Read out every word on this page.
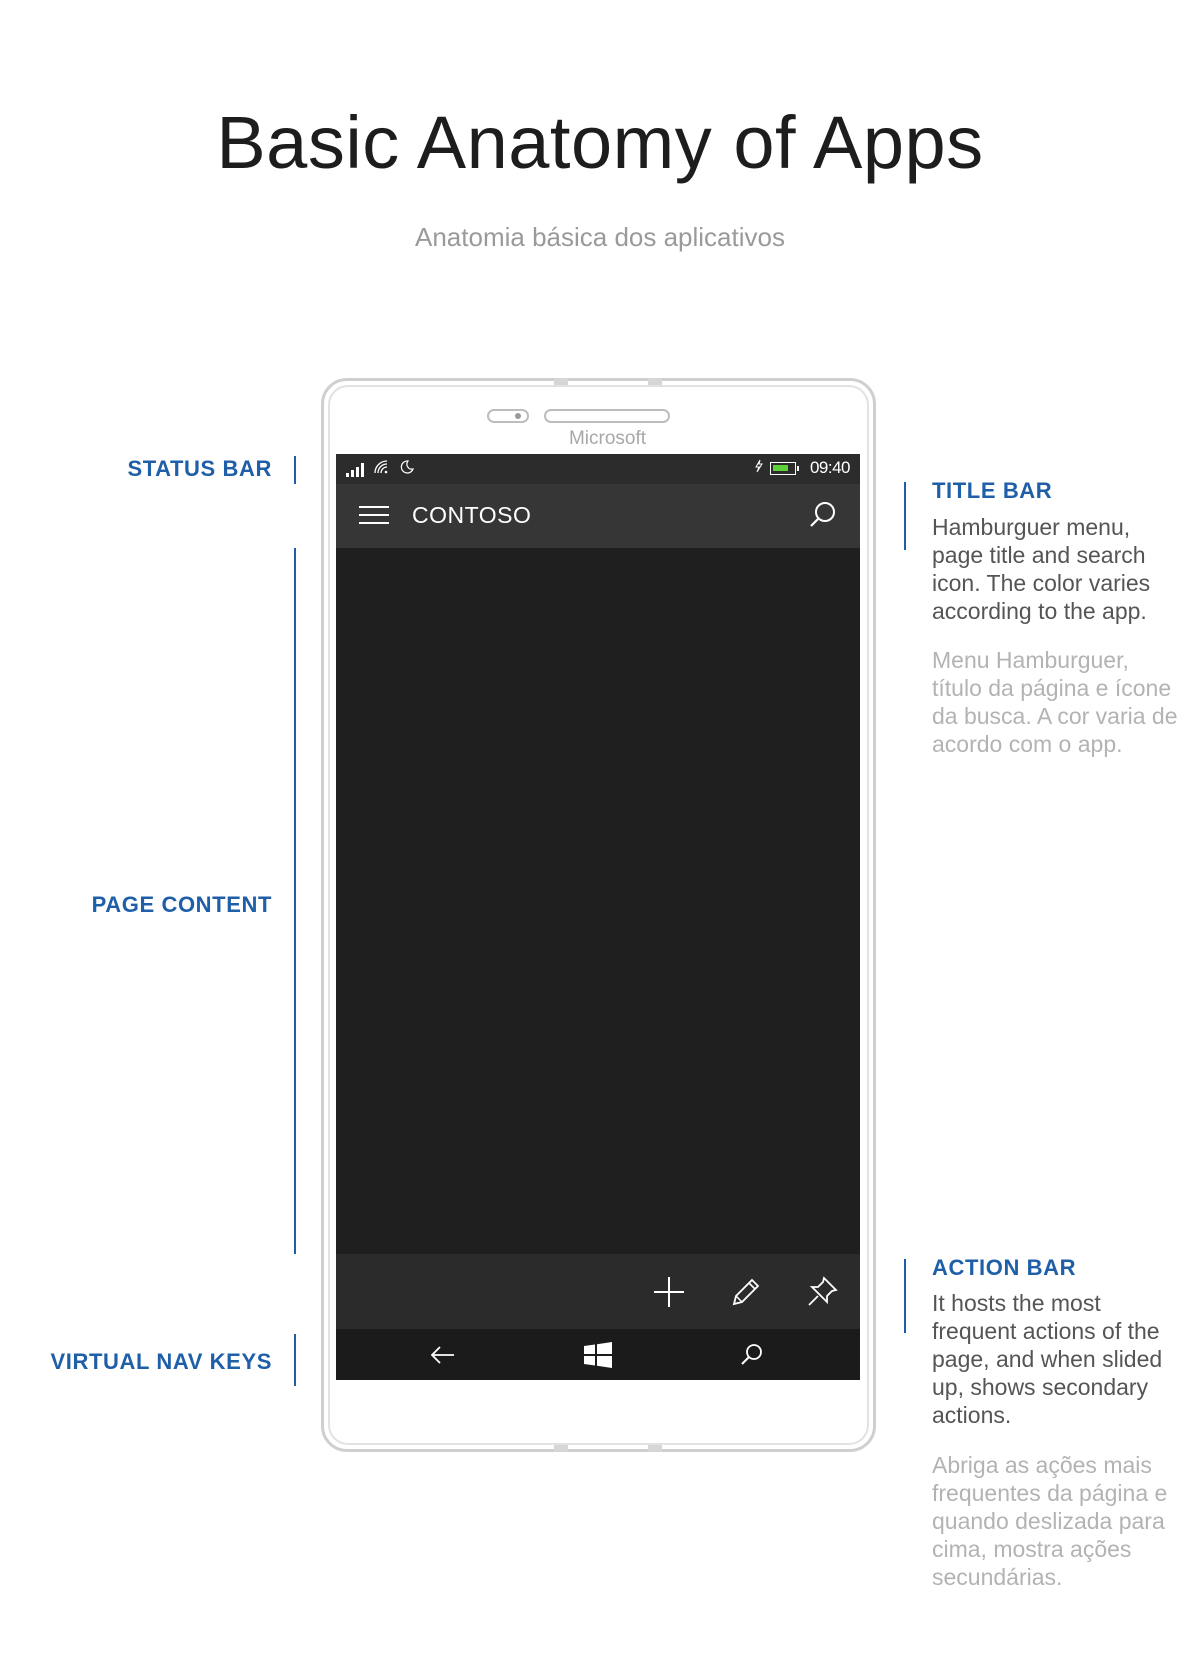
Basic Anatomy of Apps
Anatomia básica dos aplicativos
STATUS BAR
PAGE CONTENT
VIRTUAL NAV KEYS
TITLE BAR
Hamburguer menu, page title and search icon. The color varies according to the app.
Menu Hamburguer, título da página e ícone da busca. A cor varia de acordo com o app.
ACTION BAR
It hosts the most frequent actions of the page, and when slided up, shows secondary actions.
Abriga as ações mais frequentes da página e quando deslizada para cima, mostra ações secundárias.
Microsoft
09:40
CONTOSO
